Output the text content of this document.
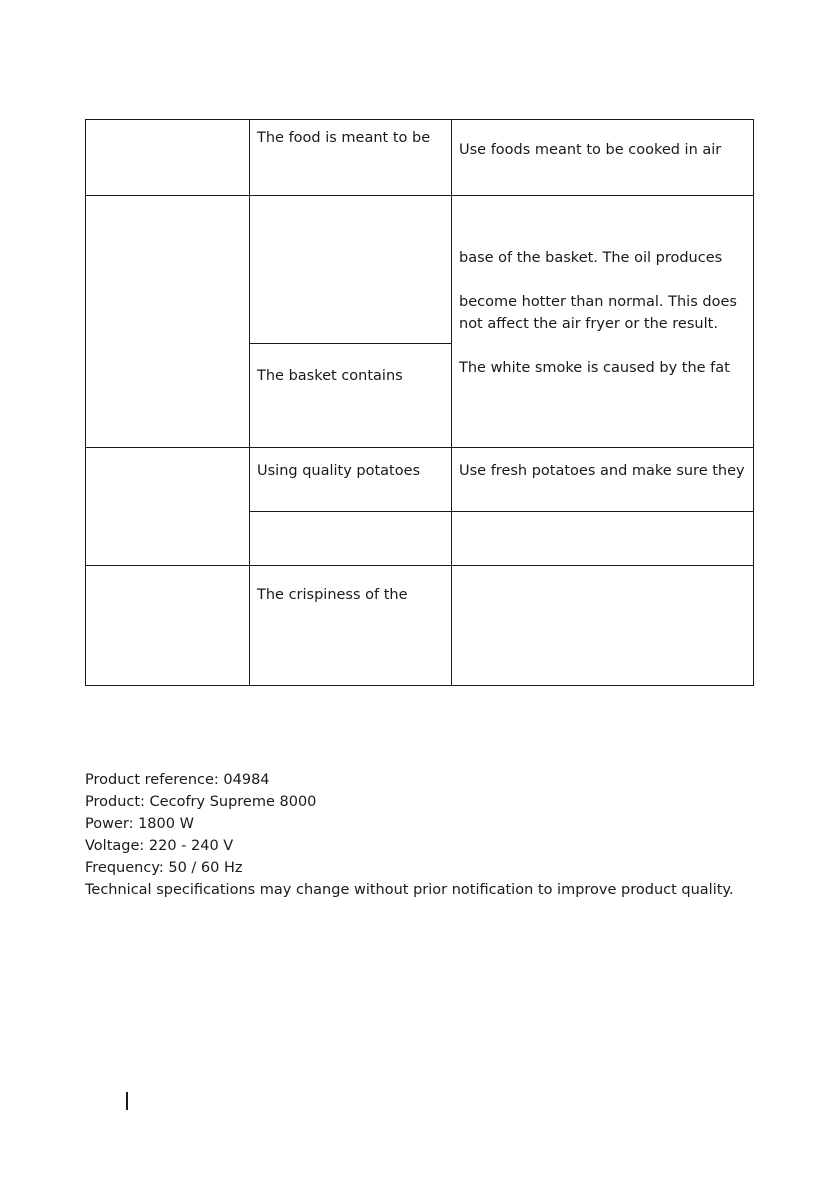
The food is meant to be
Use foods meant to be cooked in air
base of the basket. The oil produces
become hotter than normal. This does
not affect the air fryer or the result.
The basket contains	The white smoke is caused by the fat
Using quality potatoes	Use fresh potatoes and make sure they
The crispiness of the
Product reference: 04984
Product: Cecofry Supreme 8000
Power: 1800 W
Voltage: 220 - 240 V
Frequency: 50 / 60 Hz
Technical specifications may change without prior notification to improve product quality.
